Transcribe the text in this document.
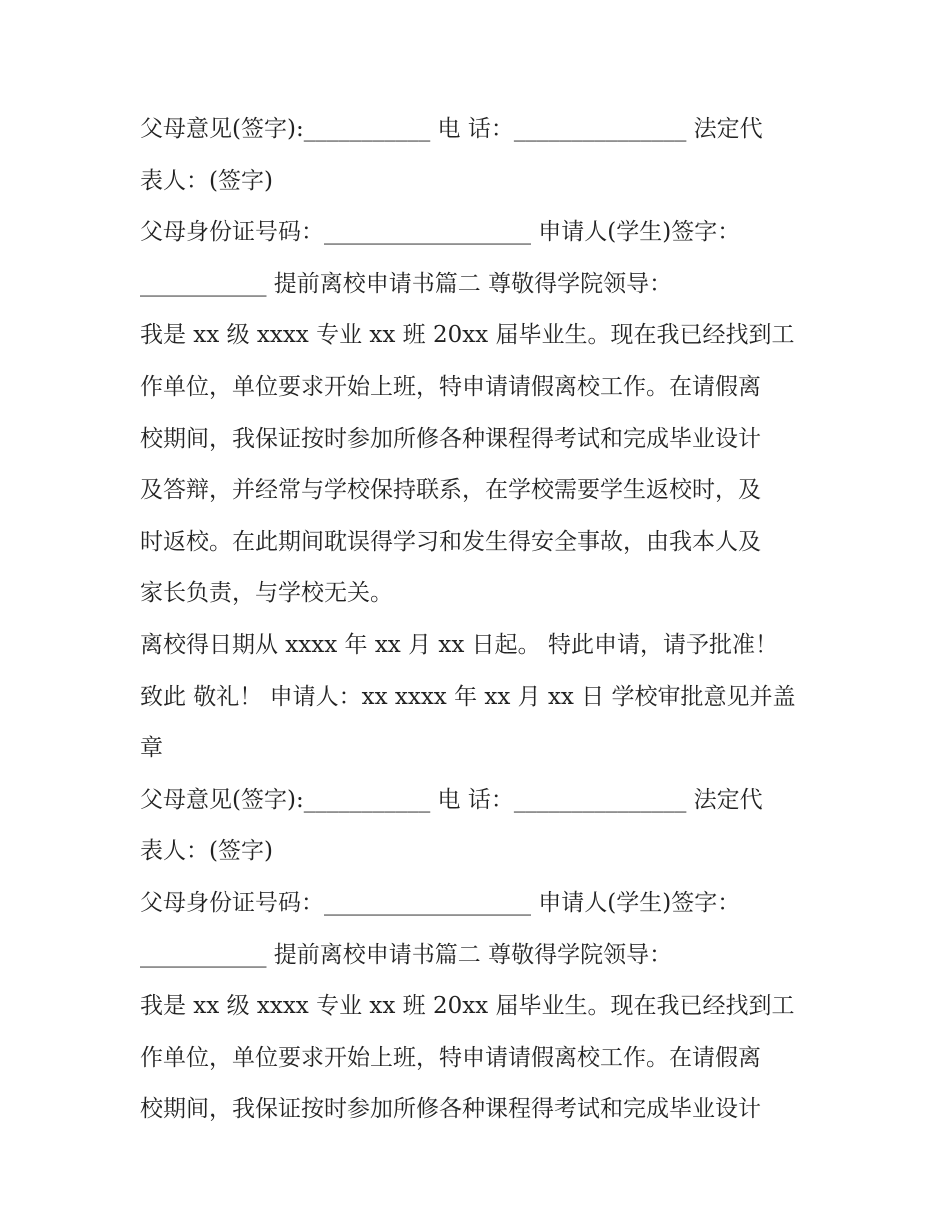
父母意见(签字):___________ 电 话：_______________ 法定代
表人：(签字)
父母身份证号码：__________________ 申请人(学生)签字：
___________ 提前离校申请书篇二 尊敬得学院领导：
我是 xx 级 xxxx 专业 xx 班 20xx 届毕业生。现在我已经找到工
作单位，单位要求开始上班，特申请请假离校工作。在请假离
校期间，我保证按时参加所修各种课程得考试和完成毕业设计
及答辩，并经常与学校保持联系，在学校需要学生返校时，及
时返校。在此期间耽误得学习和发生得安全事故，由我本人及
家长负责，与学校无关。
离校得日期从 xxxx 年 xx 月 xx 日起。 特此申请，请予批准！
致此 敬礼！ 申请人：xx xxxx 年 xx 月 xx 日 学校审批意见并盖
章
父母意见(签字):___________ 电 话：_______________ 法定代
表人：(签字)
父母身份证号码：__________________ 申请人(学生)签字：
___________ 提前离校申请书篇二 尊敬得学院领导：
我是 xx 级 xxxx 专业 xx 班 20xx 届毕业生。现在我已经找到工
作单位，单位要求开始上班，特申请请假离校工作。在请假离
校期间，我保证按时参加所修各种课程得考试和完成毕业设计
